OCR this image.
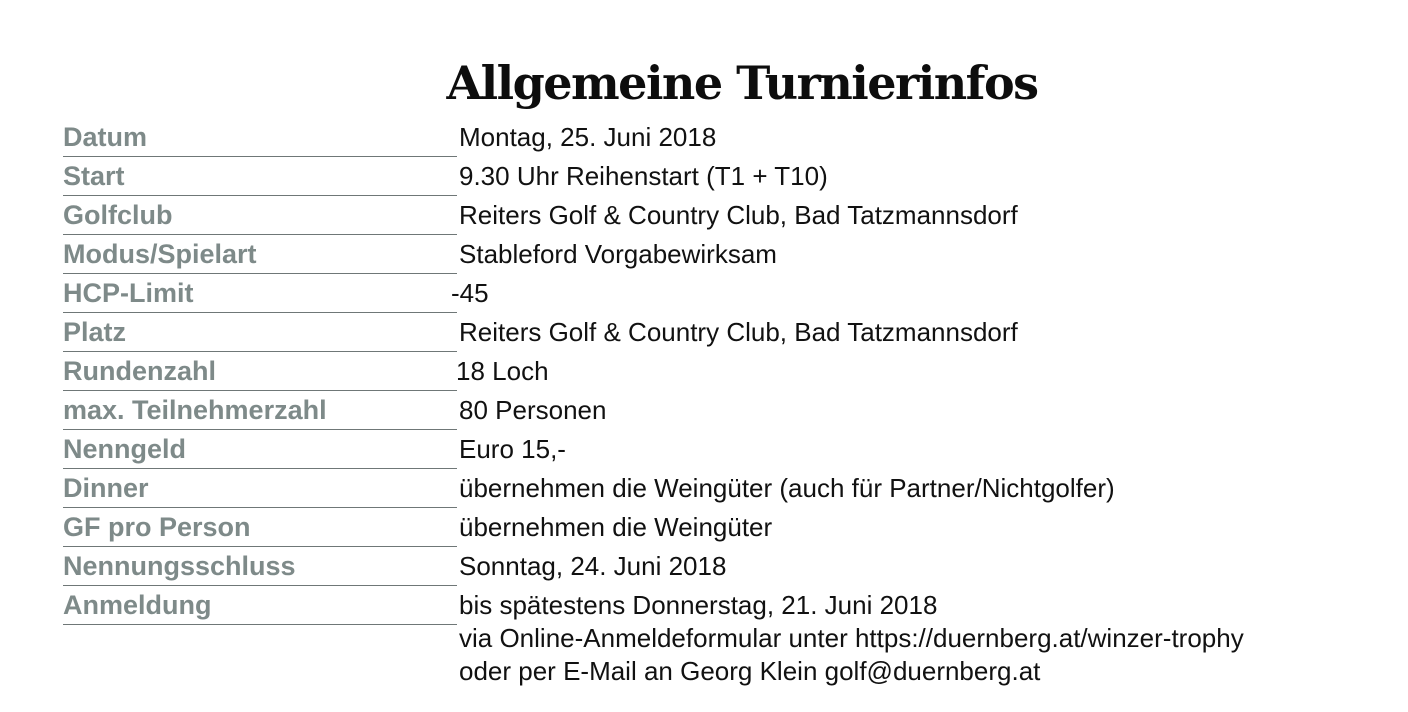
Allgemeine Turnierinfos
Datum	Montag, 25. Juni 2018
Start	9.30 Uhr Reihenstart (T1 + T10)
Golfclub	Reiters Golf & Country Club, Bad Tatzmannsdorf
Modus/Spielart	Stableford Vorgabewirksam
HCP-Limit	-45
Platz	Reiters Golf & Country Club, Bad Tatzmannsdorf
Rundenzahl	18 Loch
max. Teilnehmerzahl	80 Personen
Nenngeld	Euro 15,-
Dinner	übernehmen die Weingüter (auch für Partner/Nichtgolfer)
GF pro Person	übernehmen die Weingüter
Nennungsschluss	Sonntag, 24. Juni 2018
Anmeldung	bis spätestens Donnerstag, 21. Juni 2018
via Online-Anmeldeformular unter https://duernberg.at/winzer-trophy
oder per E-Mail an Georg Klein golf@duernberg.at
